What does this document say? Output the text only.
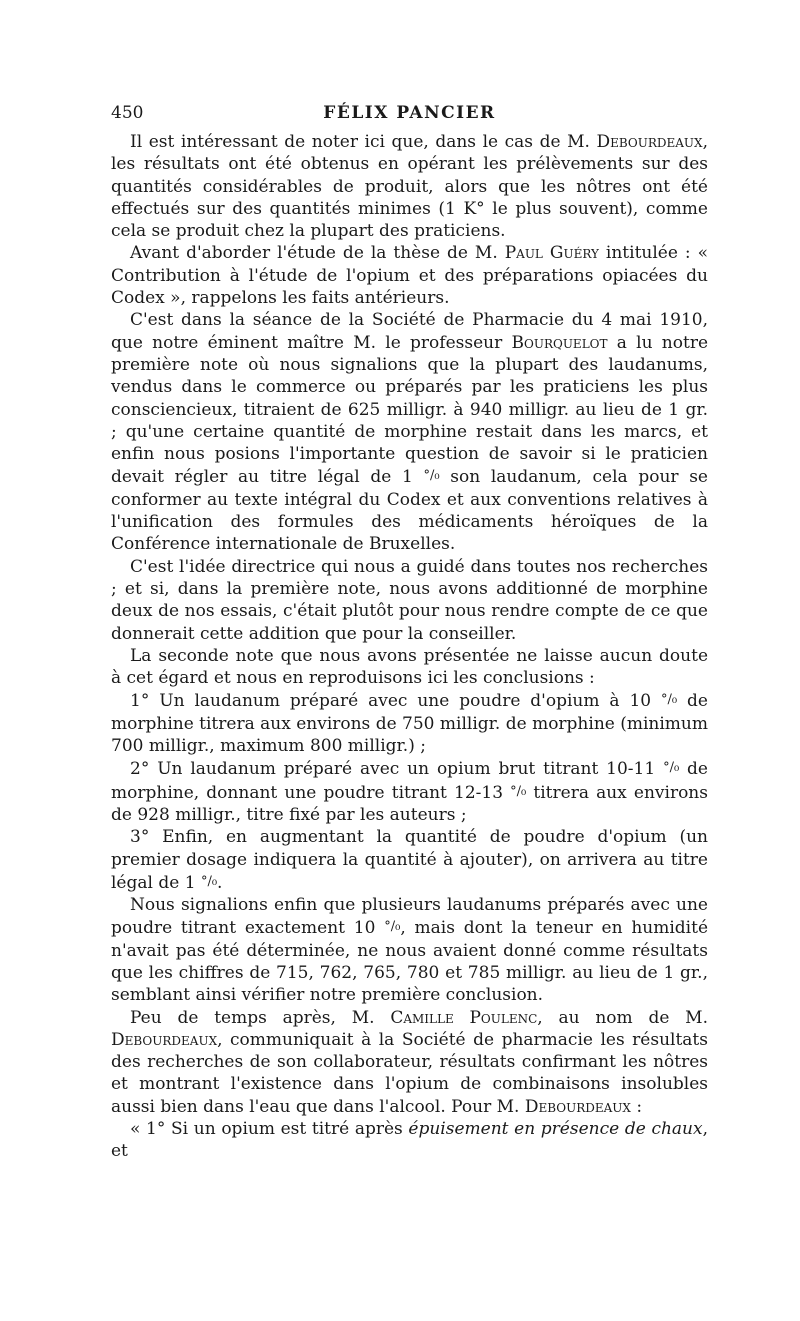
450	FÉLIX PANCIER

Il est intéressant de noter ici que, dans le cas de M. Debourdeaux, les résultats ont été obtenus en opérant les prélèvements sur des quantités considérables de produit, alors que les nôtres ont été effectués sur des quantités minimes (1 K° le plus souvent), comme cela se produit chez la plupart des praticiens.

Avant d'aborder l'étude de la thèse de M. Paul Guéry intitulée : « Contribution à l'étude de l'opium et des préparations opiacées du Codex », rappelons les faits antérieurs.

C'est dans la séance de la Société de Pharmacie du 4 mai 1910, que notre éminent maître M. le professeur Bourquelot a lu notre première note où nous signalions que la plupart des laudanums, vendus dans le commerce ou préparés par les praticiens les plus consciencieux, titraient de 625 milligr. à 940 milligr. au lieu de 1 gr. ; qu'une certaine quantité de morphine restait dans les marcs, et enfin nous posions l'importante question de savoir si le praticien devait régler au titre légal de 1 °/₀ son laudanum, cela pour se conformer au texte intégral du Codex et aux conventions relatives à l'unification des formules des médicaments héroïques de la Conférence internationale de Bruxelles.

C'est l'idée directrice qui nous a guidé dans toutes nos recherches ; et si, dans la première note, nous avons additionné de morphine deux de nos essais, c'était plutôt pour nous rendre compte de ce que donnerait cette addition que pour la conseiller.

La seconde note que nous avons présentée ne laisse aucun doute à cet égard et nous en reproduisons ici les conclusions :

1° Un laudanum préparé avec une poudre d'opium à 10 °/₀ de morphine titrera aux environs de 750 milligr. de morphine (minimum 700 milligr., maximum 800 milligr.) ;

2° Un laudanum préparé avec un opium brut titrant 10-11 °/₀ de morphine, donnant une poudre titrant 12-13 °/₀ titrera aux environs de 928 milligr., titre fixé par les auteurs ;

3° Enfin, en augmentant la quantité de poudre d'opium (un premier dosage indiquera la quantité à ajouter), on arrivera au titre légal de 1 °/₀.

Nous signalions enfin que plusieurs laudanums préparés avec une poudre titrant exactement 10 °/₀, mais dont la teneur en humidité n'avait pas été déterminée, ne nous avaient donné comme résultats que les chiffres de 715, 762, 765, 780 et 785 milligr. au lieu de 1 gr., semblant ainsi vérifier notre première conclusion.

Peu de temps après, M. Camille Poulenc, au nom de M. Debourdeaux, communiquait à la Société de pharmacie les résultats des recherches de son collaborateur, résultats confirmant les nôtres et montrant l'existence dans l'opium de combinaisons insolubles aussi bien dans l'eau que dans l'alcool. Pour M. Debourdeaux :

« 1° Si un opium est titré après épuisement en présence de chaux, et
